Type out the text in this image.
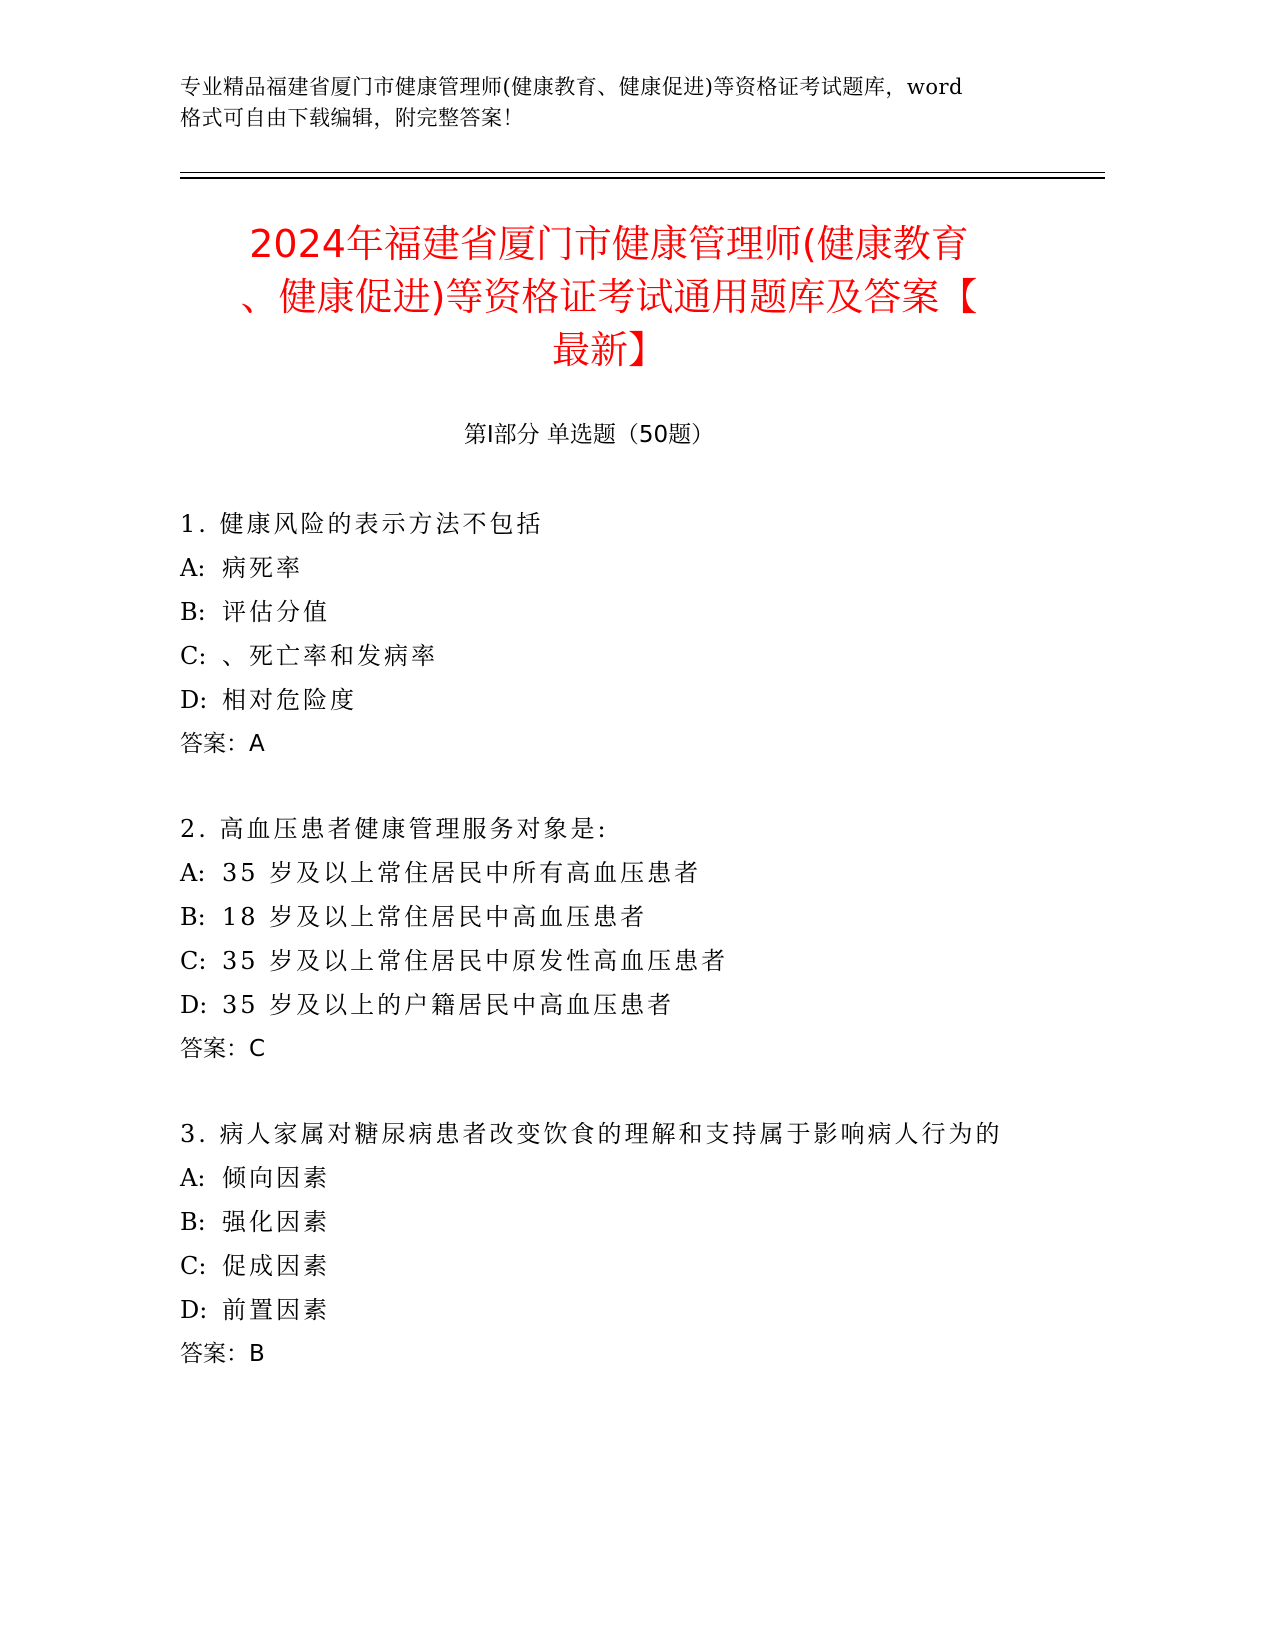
专业精品福建省厦门市健康管理师(健康教育、健康促进)等资格证考试题库，word
格式可自由下载编辑，附完整答案！
2024年福建省厦门市健康管理师(健康教育
、健康促进)等资格证考试通用题库及答案【
最新】
第Ⅰ部分 单选题（50题）
1. 健康风险的表示方法不包括
A: 病死率
B: 评估分值
C: 、死亡率和发病率
D: 相对危险度
答案：A
2. 高血压患者健康管理服务对象是:
A: 35 岁及以上常住居民中所有高血压患者
B: 18 岁及以上常住居民中高血压患者
C: 35 岁及以上常住居民中原发性高血压患者
D: 35 岁及以上的户籍居民中高血压患者
答案：C
3. 病人家属对糖尿病患者改变饮食的理解和支持属于影响病人行为的
A: 倾向因素
B: 强化因素
C: 促成因素
D: 前置因素
答案：B
